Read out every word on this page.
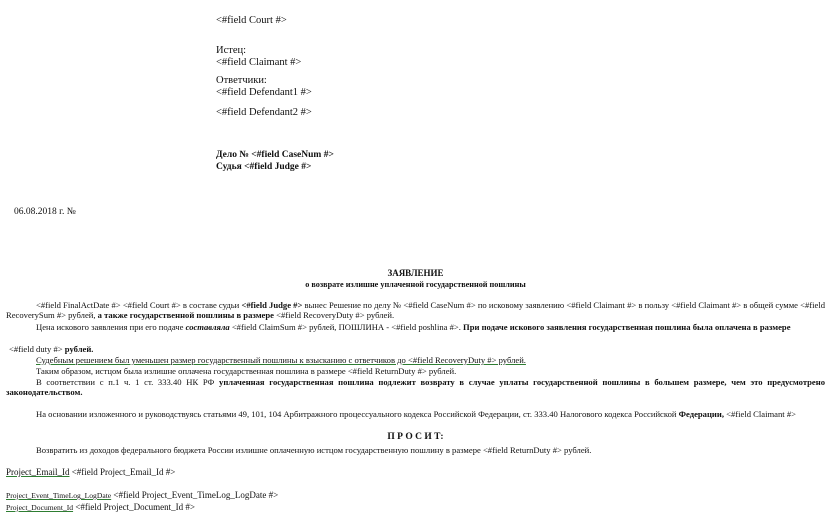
<#field Court #>
Истец:
<#field Claimant #>
Ответчики:
<#field Defendant1 #>
<#field Defendant2 #>
Дело № <#field CaseNum #>
Судья <#field Judge #>
06.08.2018 г. №
ЗАЯВЛЕНИЕ
о возврате излишне уплаченной государственной пошлины
<#field FinalActDate #> <#field Court #> в составе судьи <#field Judge #> вынес Решение по делу № <#field CaseNum #> по исковому заявлению <#field Claimant #> в пользу <#field Claimant #> в общей сумме <#field RecoverySum #> рублей, а также государственной пошлины в размере <#field RecoveryDuty #> рублей.
Цена искового заявления при его подаче составляла <#field ClaimSum #> рублей, ПОШЛИНА - <#field poshlina #>. При подаче искового заявления государственная пошлина была оплачена в размере
<#field duty #> рублей.
Судебным решением был уменьшен размер государственный пошлины к взысканию с ответчиков до <#field RecoveryDuty #> рублей.
Таким образом, истцом была излишне оплачена государственная пошлина в размере <#field ReturnDuty #> рублей.
В соответствии с п.1 ч. 1 ст. 333.40 НК РФ уплаченная государственная пошлина подлежит возврату в случае уплаты государственной пошлины в большем размере, чем это предусмотрено законодательством.
На основании изложенного и руководствуясь статьями 49, 101, 104 Арбитражного процессуального кодекса Российской Федерации, ст. 333.40 Налогового кодекса Российской Федерации, <#field Claimant #>
П Р О С И Т:
Возвратить из доходов федерального бюджета России излишне оплаченную истцом государственную пошлину в размере <#field ReturnDuty #> рублей.
Project_Email_Id <#field Project_Email_Id #>
Project_Event_TimeLog_LogDate <#field Project_Event_TimeLog_LogDate #>
Project_Document_Id <#field Project_Document_Id #>
